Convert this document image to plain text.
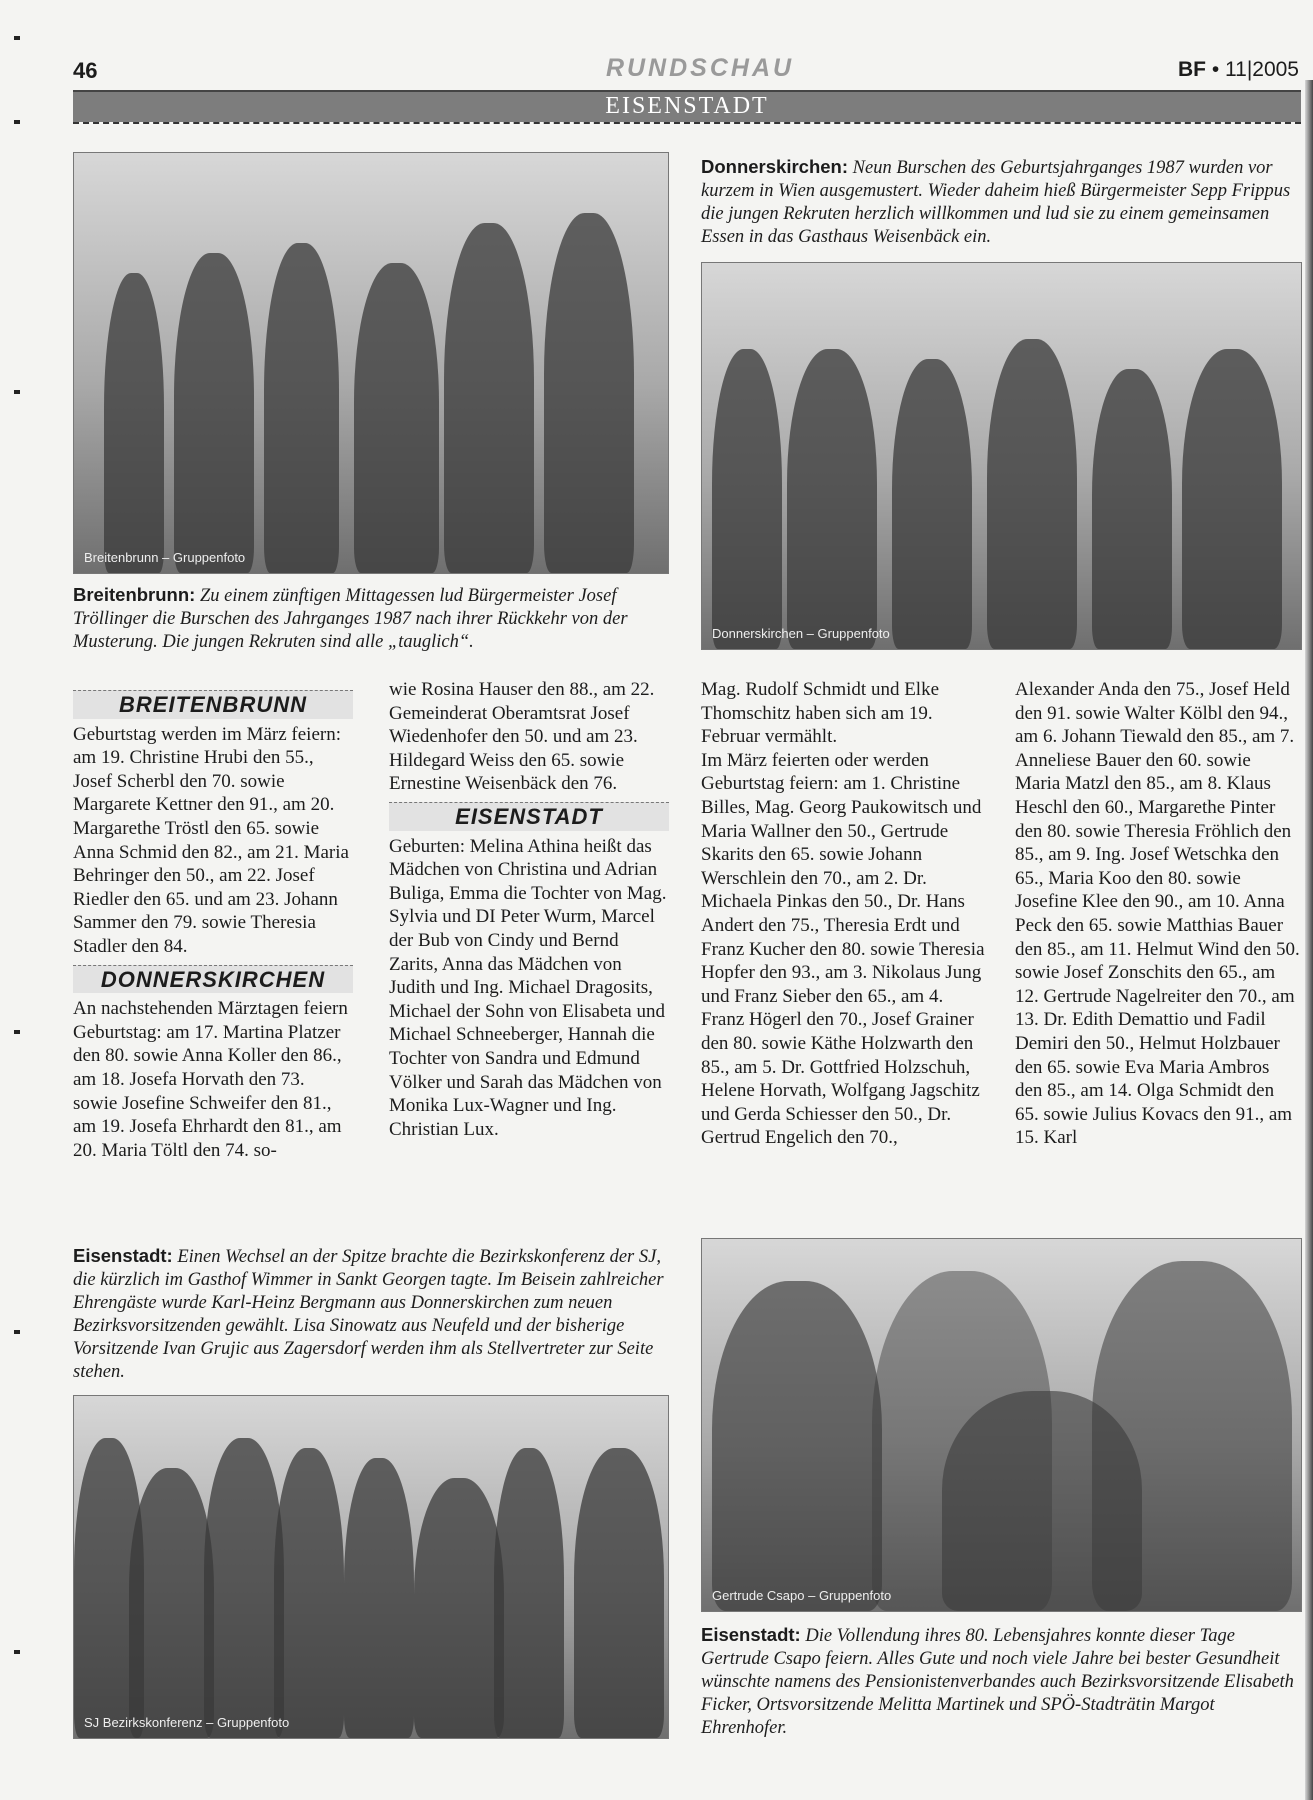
46	RUNDSCHAU	BF • 11|2005
EISENSTADT
Breitenbrunn – Gruppenfoto
Donnerskirchen: Neun Burschen des Geburtsjahrganges 1987 wurden vor kurzem in Wien ausgemustert. Wieder daheim hieß Bürgermeister Sepp Frippus die jungen Rekruten herzlich willkommen und lud sie zu einem gemeinsamen Essen in das Gasthaus Weisenbäck ein.
Donnerskirchen – Gruppenfoto
Breitenbrunn: Zu einem zünftigen Mittagessen lud Bürgermeister Josef Tröllinger die Burschen des Jahrganges 1987 nach ihrer Rückkehr von der Musterung. Die jungen Rekruten sind alle „tauglich“.
BREITENBRUNN

Geburtstag werden im März feiern: am 19. Christine Hrubi den 55., Josef Scherbl den 70. sowie Margarete Kettner den 91., am 20. Margarethe Tröstl den 65. sowie Anna Schmid den 82., am 21. Maria Behringer den 50., am 22. Josef Riedler den 65. und am 23. Johann Sammer den 79. sowie Theresia Stadler den 84.

DONNERSKIRCHEN

An nachstehenden Märztagen feiern Geburtstag: am 17. Martina Platzer den 80. sowie Anna Koller den 86., am 18. Josefa Horvath den 73. sowie Josefine Schweifer den 81., am 19. Josefa Ehrhardt den 81., am 20. Maria Töltl den 74. so-

wie Rosina Hauser den 88., am 22. Gemeinderat Oberamtsrat Josef Wiedenhofer den 50. und am 23. Hildegard Weiss den 65. sowie Ernestine Weisenbäck den 76.

EISENSTADT

Geburten: Melina Athina heißt das Mädchen von Christina und Adrian Buliga, Emma die Tochter von Mag. Sylvia und DI Peter Wurm, Marcel der Bub von Cindy und Bernd Zarits, Anna das Mädchen von Judith und Ing. Michael Dragosits, Michael der Sohn von Elisabeta und Michael Schneeberger, Hannah die Tochter von Sandra und Edmund Völker und Sarah das Mädchen von Monika Lux-Wagner und Ing. Christian Lux.

Mag. Rudolf Schmidt und Elke Thomschitz haben sich am 19. Februar vermählt.

Im März feierten oder werden Geburtstag feiern: am 1. Christine Billes, Mag. Georg Paukowitsch und Maria Wallner den 50., Gertrude Skarits den 65. sowie Johann Werschlein den 70., am 2. Dr. Michaela Pinkas den 50., Dr. Hans Andert den 75., Theresia Erdt und Franz Kucher den 80. sowie Theresia Hopfer den 93., am 3. Nikolaus Jung und Franz Sieber den 65., am 4. Franz Högerl den 70., Josef Grainer den 80. sowie Käthe Holzwarth den 85., am 5. Dr. Gottfried Holzschuh, Helene Horvath, Wolfgang Jagschitz und Gerda Schiesser den 50., Dr. Gertrud Engelich den 70.,

Alexander Anda den 75., Josef Held den 91. sowie Walter Kölbl den 94., am 6. Johann Tiewald den 85., am 7. Anneliese Bauer den 60. sowie Maria Matzl den 85., am 8. Klaus Heschl den 60., Margarethe Pinter den 80. sowie Theresia Fröhlich den 85., am 9. Ing. Josef Wetschka den 65., Maria Koo den 80. sowie Josefine Klee den 90., am 10. Anna Peck den 65. sowie Matthias Bauer den 85., am 11. Helmut Wind den 50. sowie Josef Zonschits den 65., am 12. Gertrude Nagelreiter den 70., am 13. Dr. Edith Demattio und Fadil Demiri den 50., Helmut Holzbauer den 65. sowie Eva Maria Ambros den 85., am 14. Olga Schmidt den 65. sowie Julius Kovacs den 91., am 15. Karl

Eisenstadt: Einen Wechsel an der Spitze brachte die Bezirkskonferenz der SJ, die kürzlich im Gasthof Wimmer in Sankt Georgen tagte. Im Beisein zahlreicher Ehrengäste wurde Karl-Heinz Bergmann aus Donnerskirchen zum neuen Bezirksvorsitzenden gewählt. Lisa Sinowatz aus Neufeld und der bisherige Vorsitzende Ivan Grujic aus Zagersdorf werden ihm als Stellvertreter zur Seite stehen.
SJ Bezirkskonferenz – Gruppenfoto
Gertrude Csapo – Gruppenfoto
Eisenstadt: Die Vollendung ihres 80. Lebensjahres konnte dieser Tage Gertrude Csapo feiern. Alles Gute und noch viele Jahre bei bester Gesundheit wünschte namens des Pensionistenverbandes auch Bezirksvorsitzende Elisabeth Ficker, Ortsvorsitzende Melitta Martinek und SPÖ-Stadträtin Margot Ehrenhofer.
